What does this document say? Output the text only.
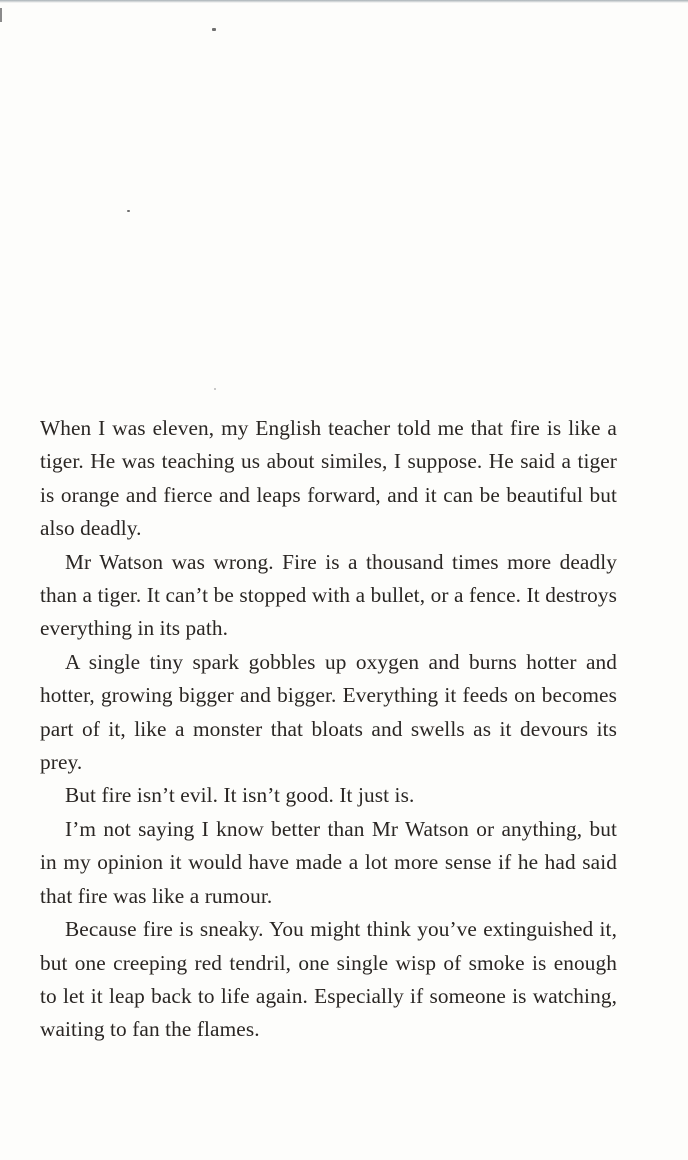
When I was eleven, my English teacher told me that fire is like a tiger. He was teaching us about similes, I suppose. He said a tiger is orange and fierce and leaps forward, and it can be beautiful but also deadly.

Mr Watson was wrong. Fire is a thousand times more deadly than a tiger. It can’t be stopped with a bullet, or a fence. It destroys everything in its path.

A single tiny spark gobbles up oxygen and burns hotter and hotter, growing bigger and bigger. Everything it feeds on becomes part of it, like a monster that bloats and swells as it devours its prey.

But fire isn’t evil. It isn’t good. It just is.

I’m not saying I know better than Mr Watson or anything, but in my opinion it would have made a lot more sense if he had said that fire was like a rumour.

Because fire is sneaky. You might think you’ve extinguished it, but one creeping red tendril, one single wisp of smoke is enough to let it leap back to life again. Especially if someone is watching, waiting to fan the flames.
